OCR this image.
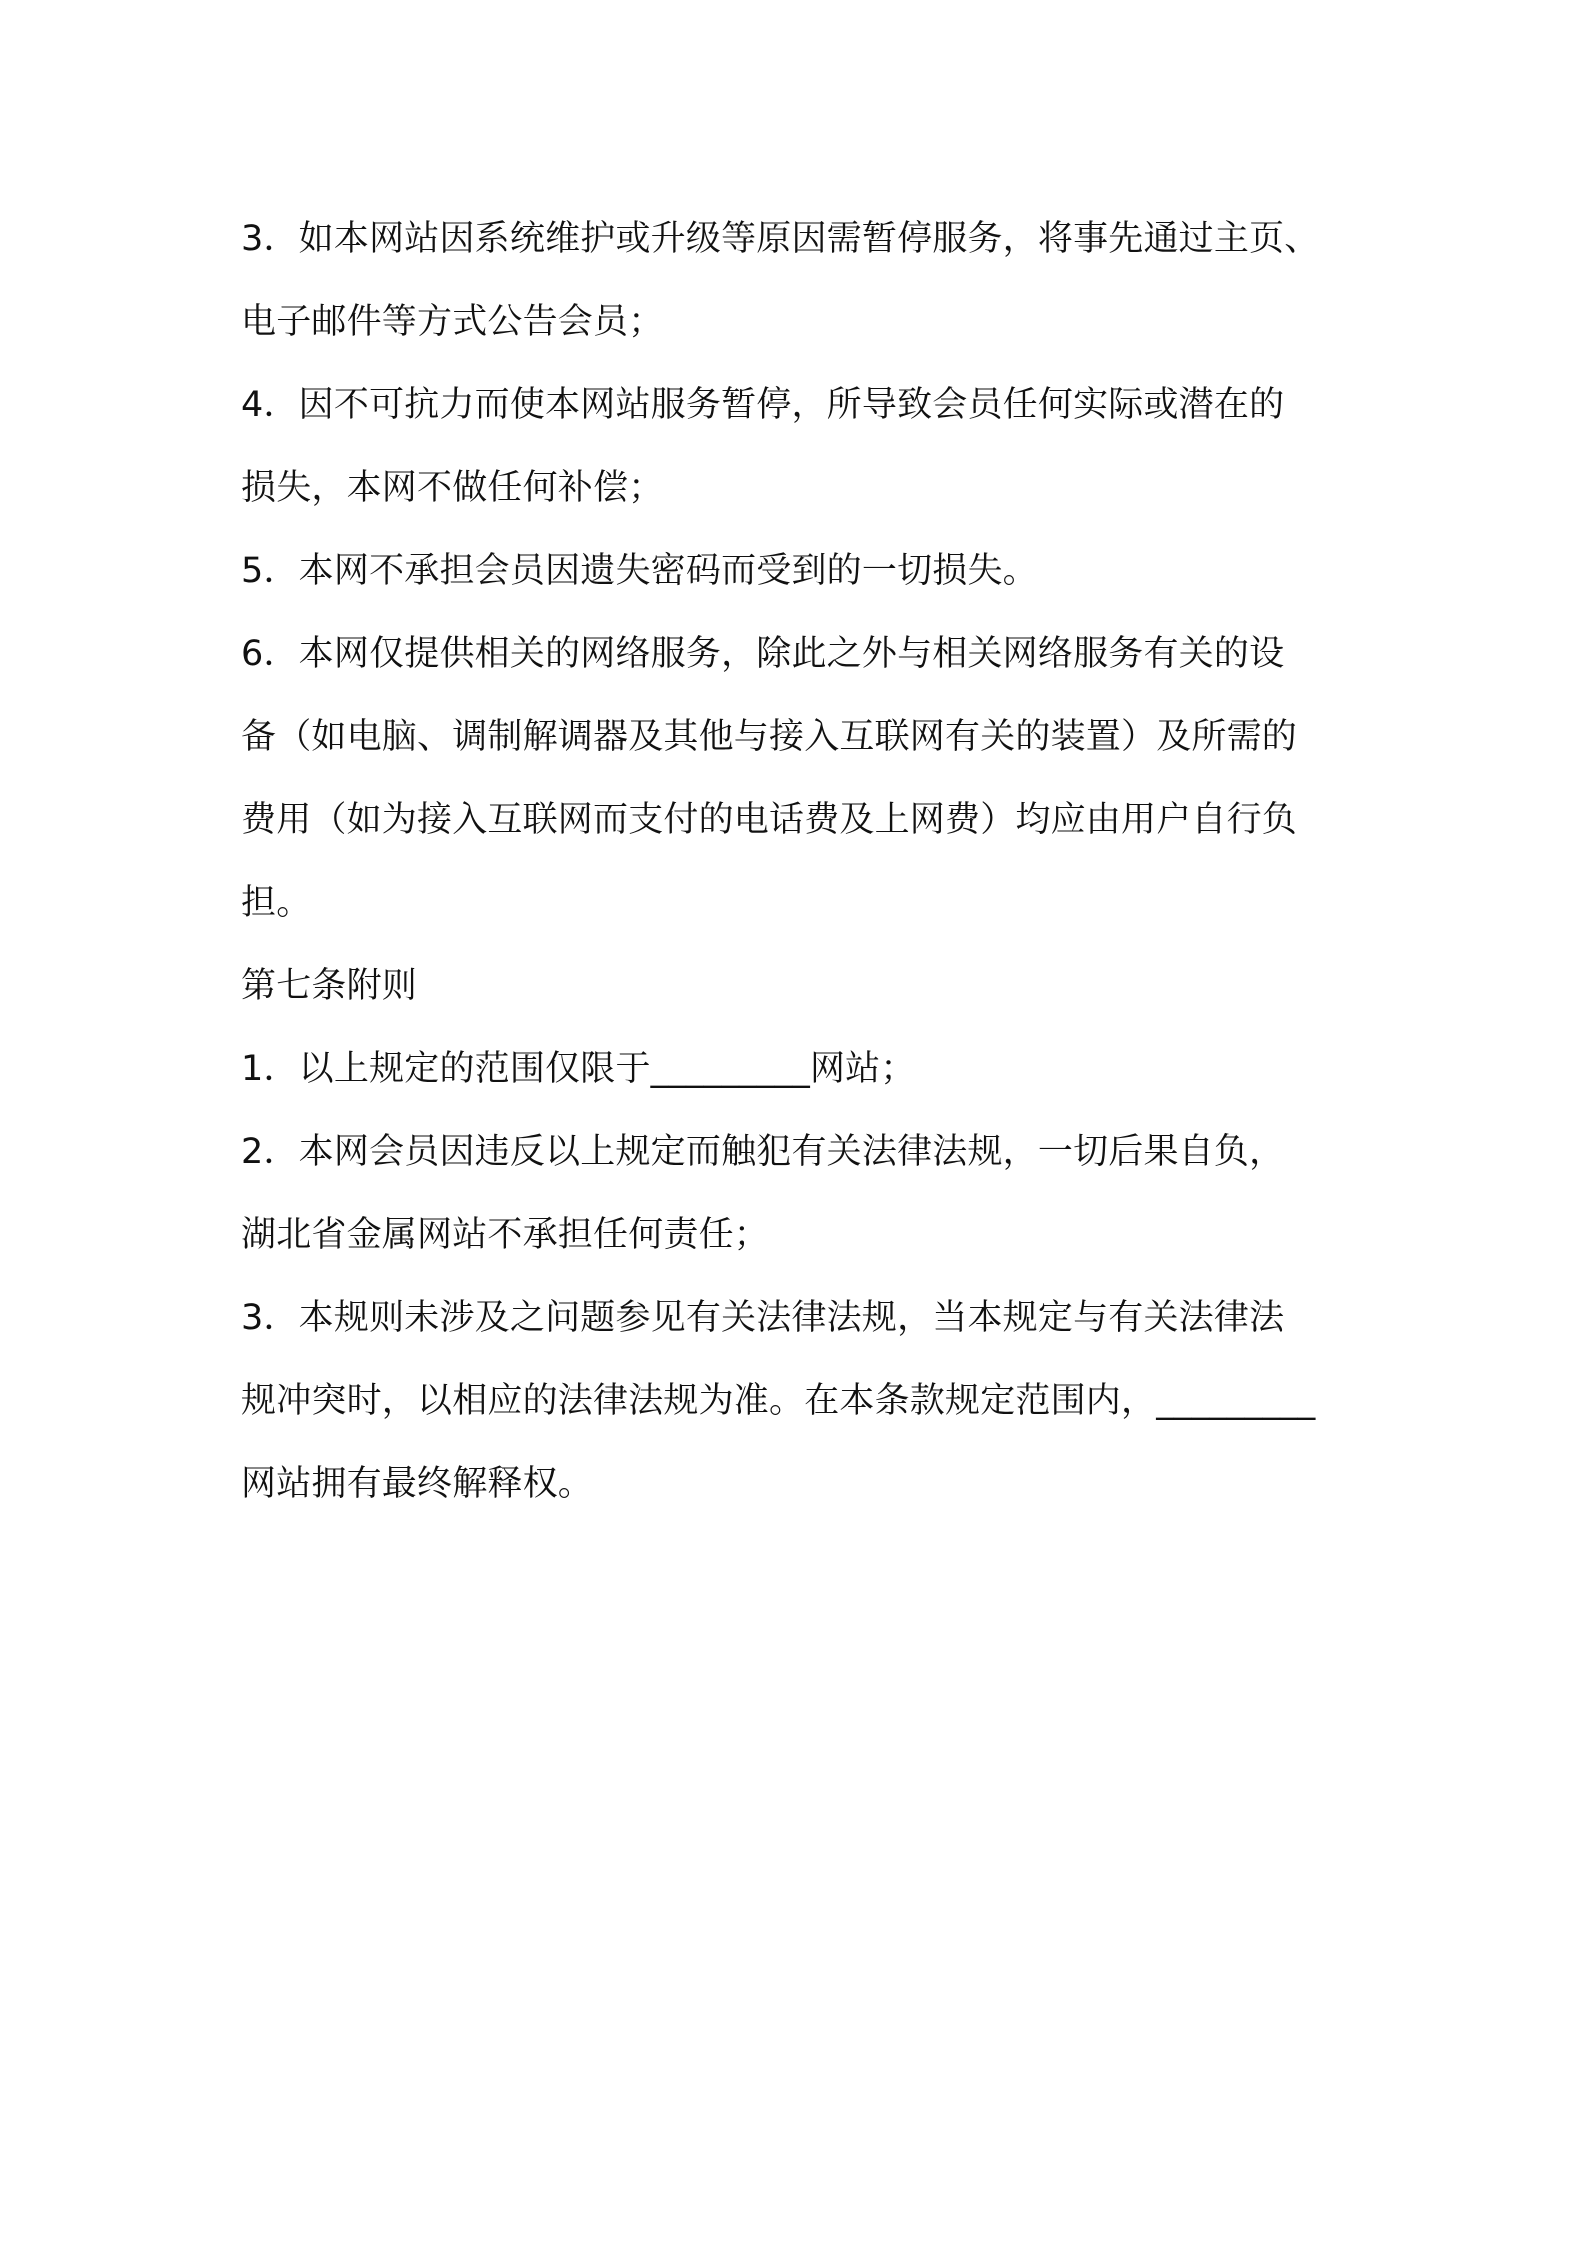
3．如本网站因系统维护或升级等原因需暂停服务，将事先通过主页、
电子邮件等方式公告会员；
4．因不可抗力而使本网站服务暂停，所导致会员任何实际或潜在的
损失，本网不做任何补偿；
5．本网不承担会员因遗失密码而受到的一切损失。
6．本网仅提供相关的网络服务，除此之外与相关网络服务有关的设
备（如电脑、调制解调器及其他与接入互联网有关的装置）及所需的
费用（如为接入互联网而支付的电话费及上网费）均应由用户自行负
担。
第七条附则
1．以上规定的范围仅限于_________网站；
2．本网会员因违反以上规定而触犯有关法律法规，一切后果自负，
湖北省金属网站不承担任何责任；
3．本规则未涉及之问题参见有关法律法规，当本规定与有关法律法
规冲突时，以相应的法律法规为准。在本条款规定范围内，_________
网站拥有最终解释权。
